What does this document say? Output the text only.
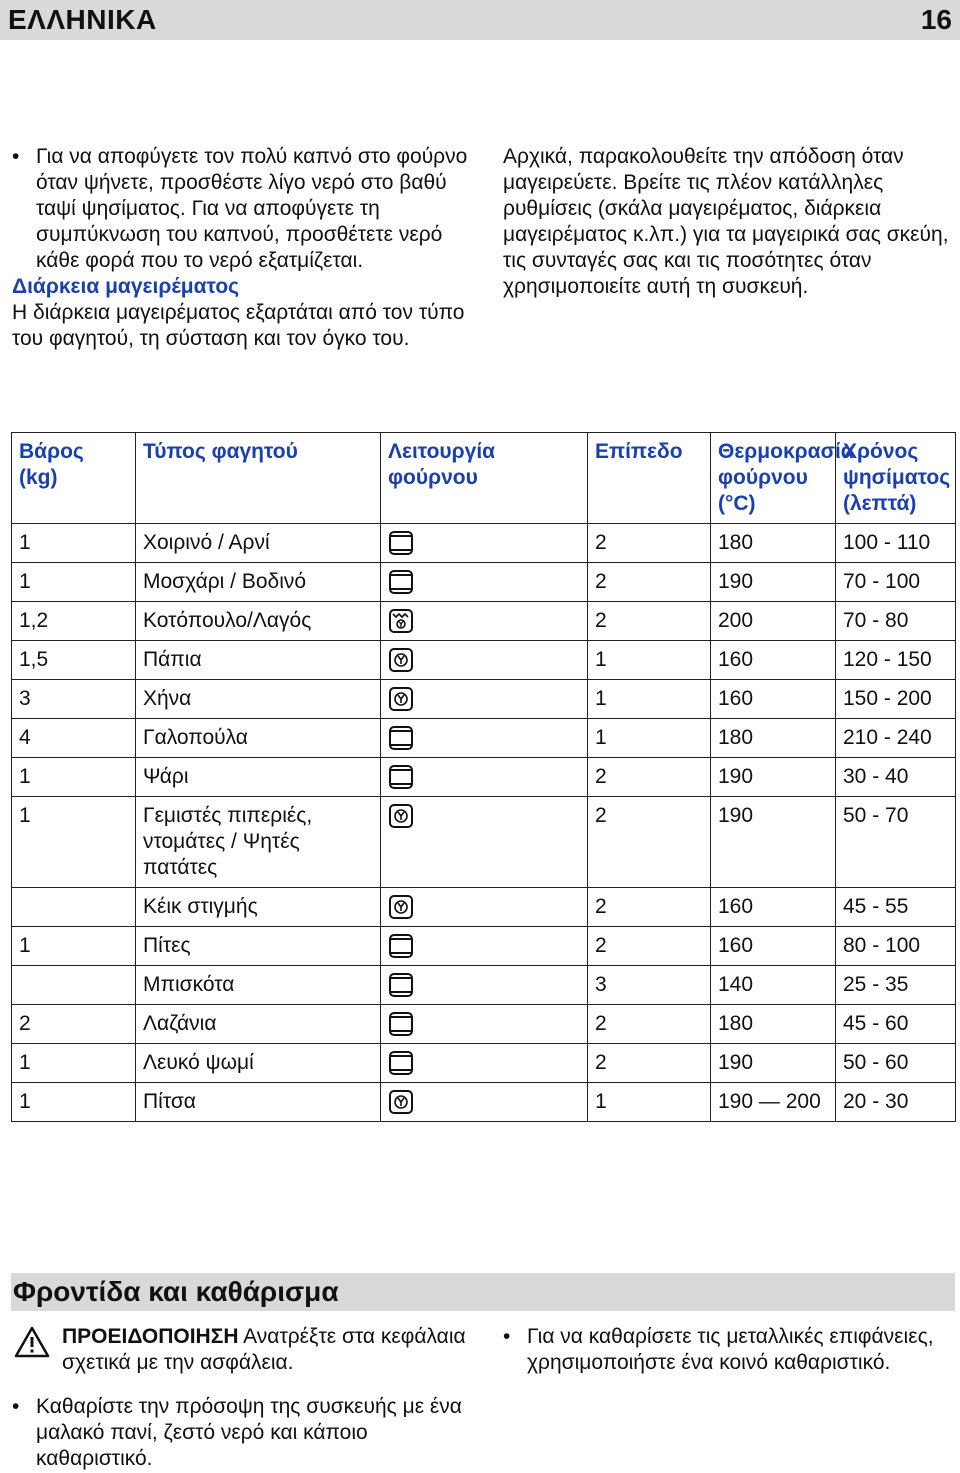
ΕΛΛΗΝΙΚΑ	16
• Για να αποφύγετε τον πολύ καπνό στο φούρνο όταν ψήνετε, προσθέστε λίγο νερό στο βαθύ ταψί ψησίματος. Για να αποφύγετε τη συμπύκνωση του καπνού, προσθέτετε νερό κάθε φορά που το νερό εξατμίζεται.
Διάρκεια μαγειρέματος
Η διάρκεια μαγειρέματος εξαρτάται από τον τύπο του φαγητού, τη σύσταση και τον όγκο του.
Αρχικά, παρακολουθείτε την απόδοση όταν μαγειρεύετε. Βρείτε τις πλέον κατάλληλες ρυθμίσεις (σκάλα μαγειρέματος, διάρκεια μαγειρέματος κ.λπ.) για τα μαγειρικά σας σκεύη, τις συνταγές σας και τις ποσότητες όταν χρησιμοποιείτε αυτή τη συσκευή.
Βάρος (kg)	Τύπος φαγητού	Λειτουργία φούρνου	Επίπεδο	Θερμοκρασία φούρνου (°C)	Χρόνος ψησίματος (λεπτά)
1	Χοιρινό / Αρνί		2	180	100 - 110
1	Μοσχάρι / Βοδινό		2	190	70 - 100
1,2	Κοτόπουλο/Λαγός		2	200	70 - 80
1,5	Πάπια		1	160	120 - 150
3	Χήνα		1	160	150 - 200
4	Γαλοπούλα		1	180	210 - 240
1	Ψάρι		2	190	30 - 40
1	Γεμιστές πιπεριές, ντομάτες / Ψητές πατάτες		2	190	50 - 70
	Κέικ στιγμής		2	160	45 - 55
1	Πίτες		2	160	80 - 100
	Μπισκότα		3	140	25 - 35
2	Λαζάνια		2	180	45 - 60
1	Λευκό ψωμί		2	190	50 - 60
1	Πίτσα		1	190 — 200	20 - 30
Φροντίδα και καθάρισμα
ΠΡΟΕΙΔΟΠΟΙΗΣΗ Ανατρέξτε στα κεφάλαια σχετικά με την ασφάλεια.
• Καθαρίστε την πρόσοψη της συσκευής με ένα μαλακό πανί, ζεστό νερό και κάποιο καθαριστικό.
• Για να καθαρίσετε τις μεταλλικές επιφάνειες, χρησιμοποιήστε ένα κοινό καθαριστικό.
